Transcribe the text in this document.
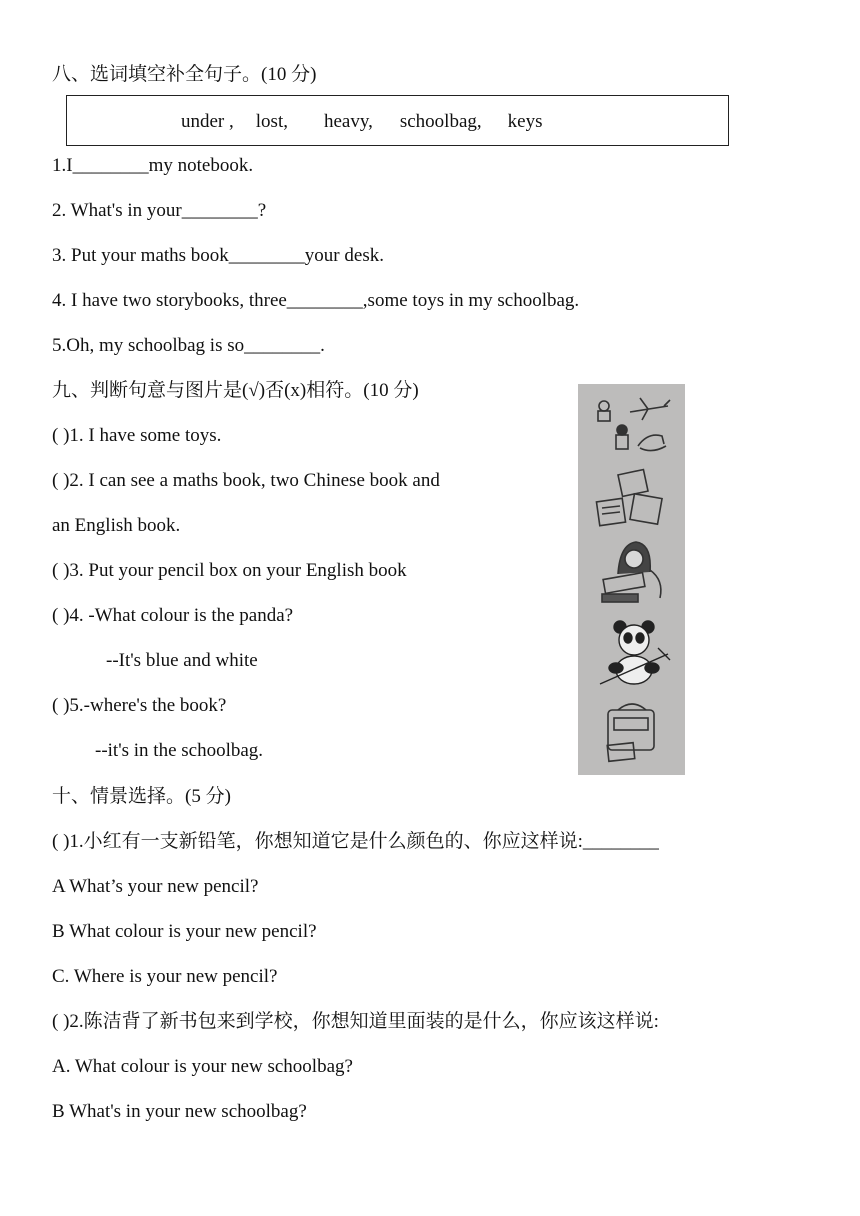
八、选词填空补全句子。(10 分)
under , lost, heavy, schoolbag, keys
1.I________my notebook.
2. What's in your________?
3. Put your maths book________your desk.
4. I have two storybooks, three________,some toys in my schoolbag.
5.Oh, my schoolbag is so________.
九、判断句意与图片是(√)否(x)相符。(10 分)
( )1. I have some toys.
( )2. I can see a maths book, two Chinese book and
an English book.
( )3. Put your pencil box on your English book
( )4. -What colour is the panda?
--It's blue and white
( )5.-where's the book?
--it's in the schoolbag.
十、情景选择。(5 分)
( )1.小红有一支新铅笔，你想知道它是什么颜色的、你应这样说:________
A What’s your new pencil?
B What colour is your new pencil?
C. Where is your new pencil?
( )2.陈洁背了新书包来到学校，你想知道里面装的是什么，你应该这样说:
A. What colour is your new schoolbag?
B What's in your new schoolbag?
